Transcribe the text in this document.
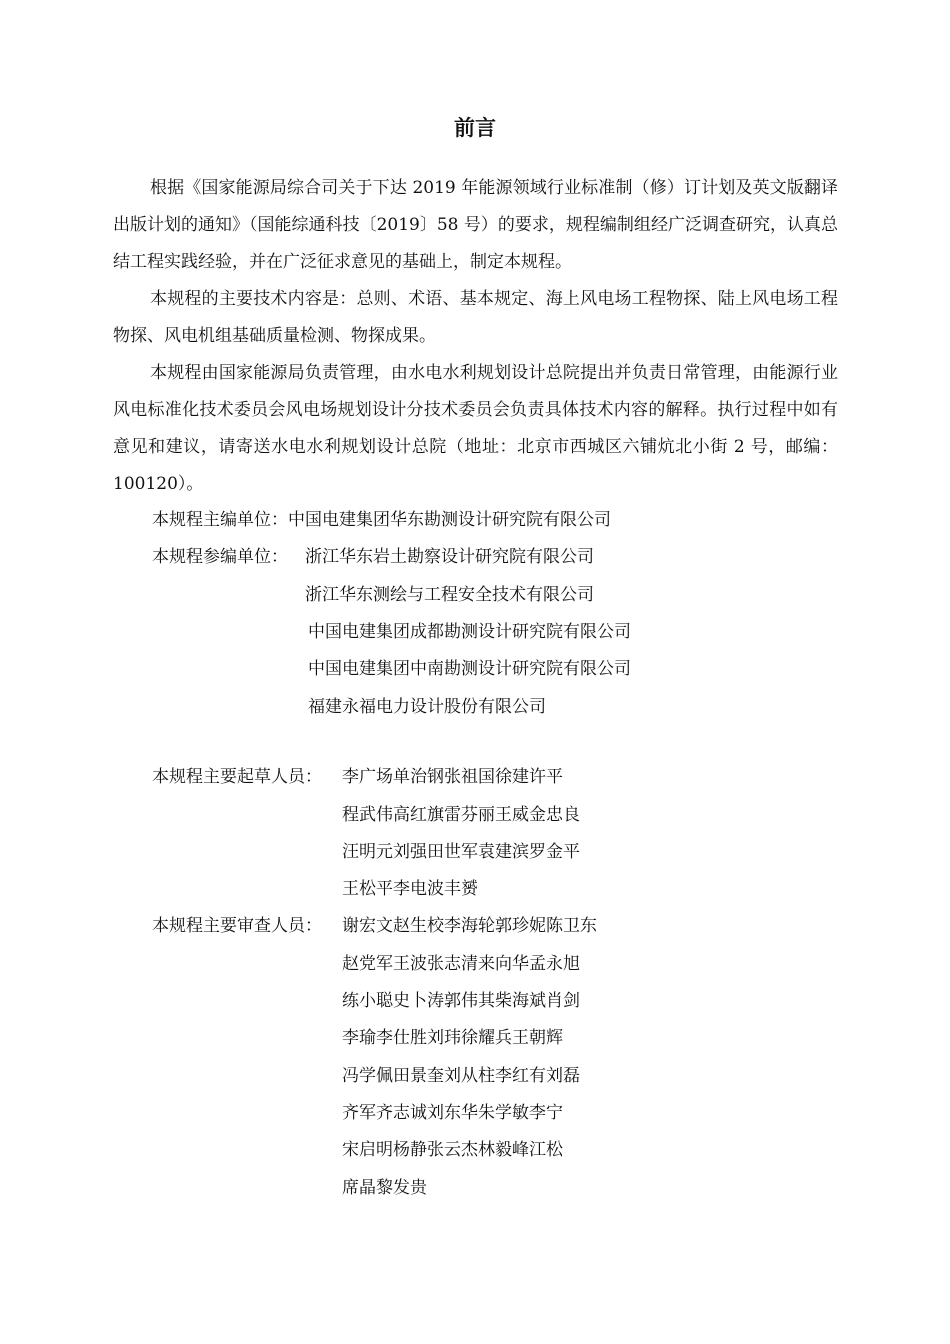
前言

根据《国家能源局综合司关于下达 2019 年能源领域行业标准制（修）订计划及英文版翻译出版计划的通知》（国能综通科技〔2019〕58 号）的要求，规程编制组经广泛调查研究，认真总结工程实践经验，并在广泛征求意见的基础上，制定本规程。

本规程的主要技术内容是：总则、术语、基本规定、海上风电场工程物探、陆上风电场工程物探、风电机组基础质量检测、物探成果。

本规程由国家能源局负责管理，由水电水利规划设计总院提出并负责日常管理，由能源行业风电标准化技术委员会风电场规划设计分技术委员会负责具体技术内容的解释。执行过程中如有意见和建议，请寄送水电水利规划设计总院（地址：北京市西城区六铺炕北小街 2 号，邮编：100120）。

本规程主编单位： 中国电建集团华东勘测设计研究院有限公司
本规程参编单位： 浙江华东岩土勘察设计研究院有限公司
浙江华东测绘与工程安全技术有限公司
中国电建集团成都勘测设计研究院有限公司
中国电建集团中南勘测设计研究院有限公司
福建永福电力设计股份有限公司
本规程主要起草人员： 李广场单治钢张祖国徐建许平
程武伟高红旗雷芬丽王威金忠良
汪明元刘强田世军袁建滨罗金平
王松平李电波丰赟
本规程主要审查人员： 谢宏文赵生校李海轮郭珍妮陈卫东
赵党军王波张志清来向华孟永旭
练小聪史卜涛郭伟其柴海斌肖剑
李瑜李仕胜刘玮徐耀兵王朝辉
冯学佩田景奎刘从柱李红有刘磊
齐军齐志诚刘东华朱学敏李宁
宋启明杨静张云杰林毅峰江松
席晶黎发贵
